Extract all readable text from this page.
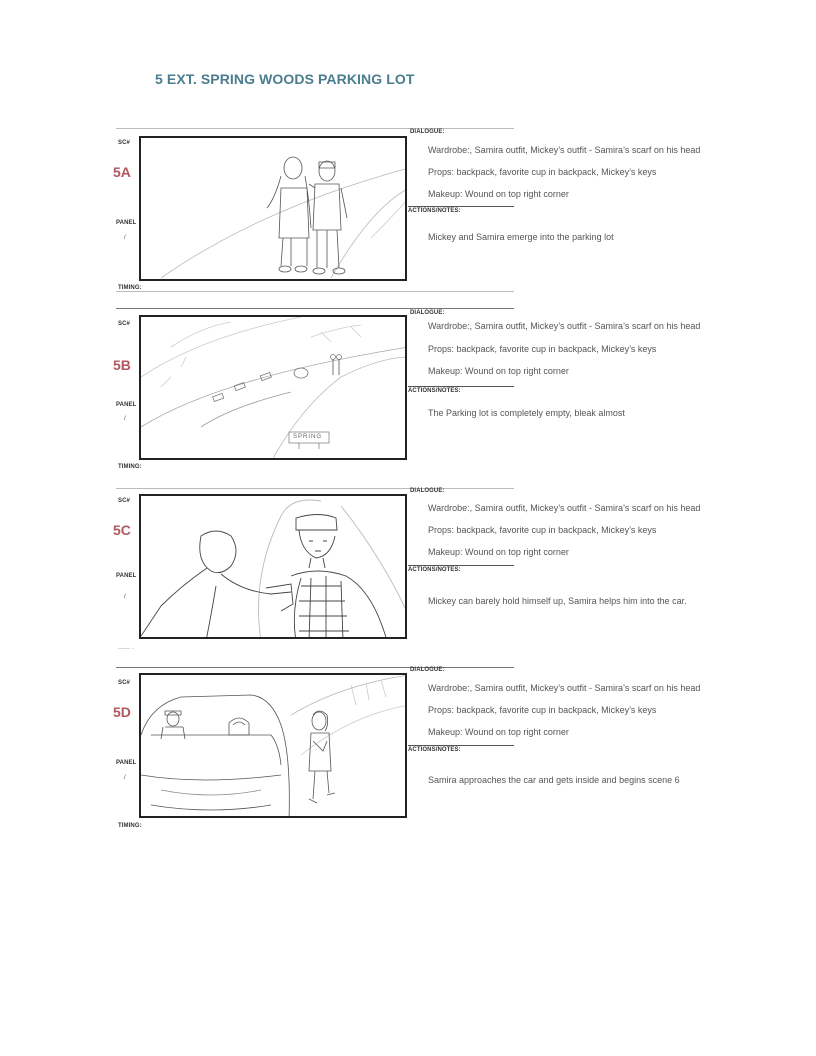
5 EXT. SPRING WOODS PARKING LOT
SC#
5A
PANEL
/
TIMING:
DIALOGUE:
Wardrobe:, Samira outfit, Mickey’s outfit - Samira’s scarf on his head
Props: backpack, favorite cup in backpack, Mickey’s keys
Makeup: Wound on top right corner
ACTIONS/NOTES:
Mickey and Samira emerge into the parking lot
SC#
5B
PANEL
/
TIMING:
SPRING
DIALOGUE:
Wardrobe:, Samira outfit, Mickey’s outfit - Samira’s scarf on his head
Props: backpack, favorite cup in backpack, Mickey’s keys
Makeup: Wound on top right corner
ACTIONS/NOTES:
The Parking lot is completely empty, bleak almost
SC#
5C
PANEL
/
—— -
DIALOGUE:
Wardrobe:, Samira outfit, Mickey’s outfit - Samira’s scarf on his head
Props: backpack, favorite cup in backpack, Mickey’s keys
Makeup: Wound on top right corner
ACTIONS/NOTES:
Mickey can barely hold himself up, Samira helps him into the car.
SC#
5D
PANEL
/
TIMING:
DIALOGUE:
Wardrobe:, Samira outfit, Mickey’s outfit - Samira’s scarf on his head
Props: backpack, favorite cup in backpack, Mickey’s keys
Makeup: Wound on top right corner
ACTIONS/NOTES:
Samira approaches the car and gets inside and begins scene 6
